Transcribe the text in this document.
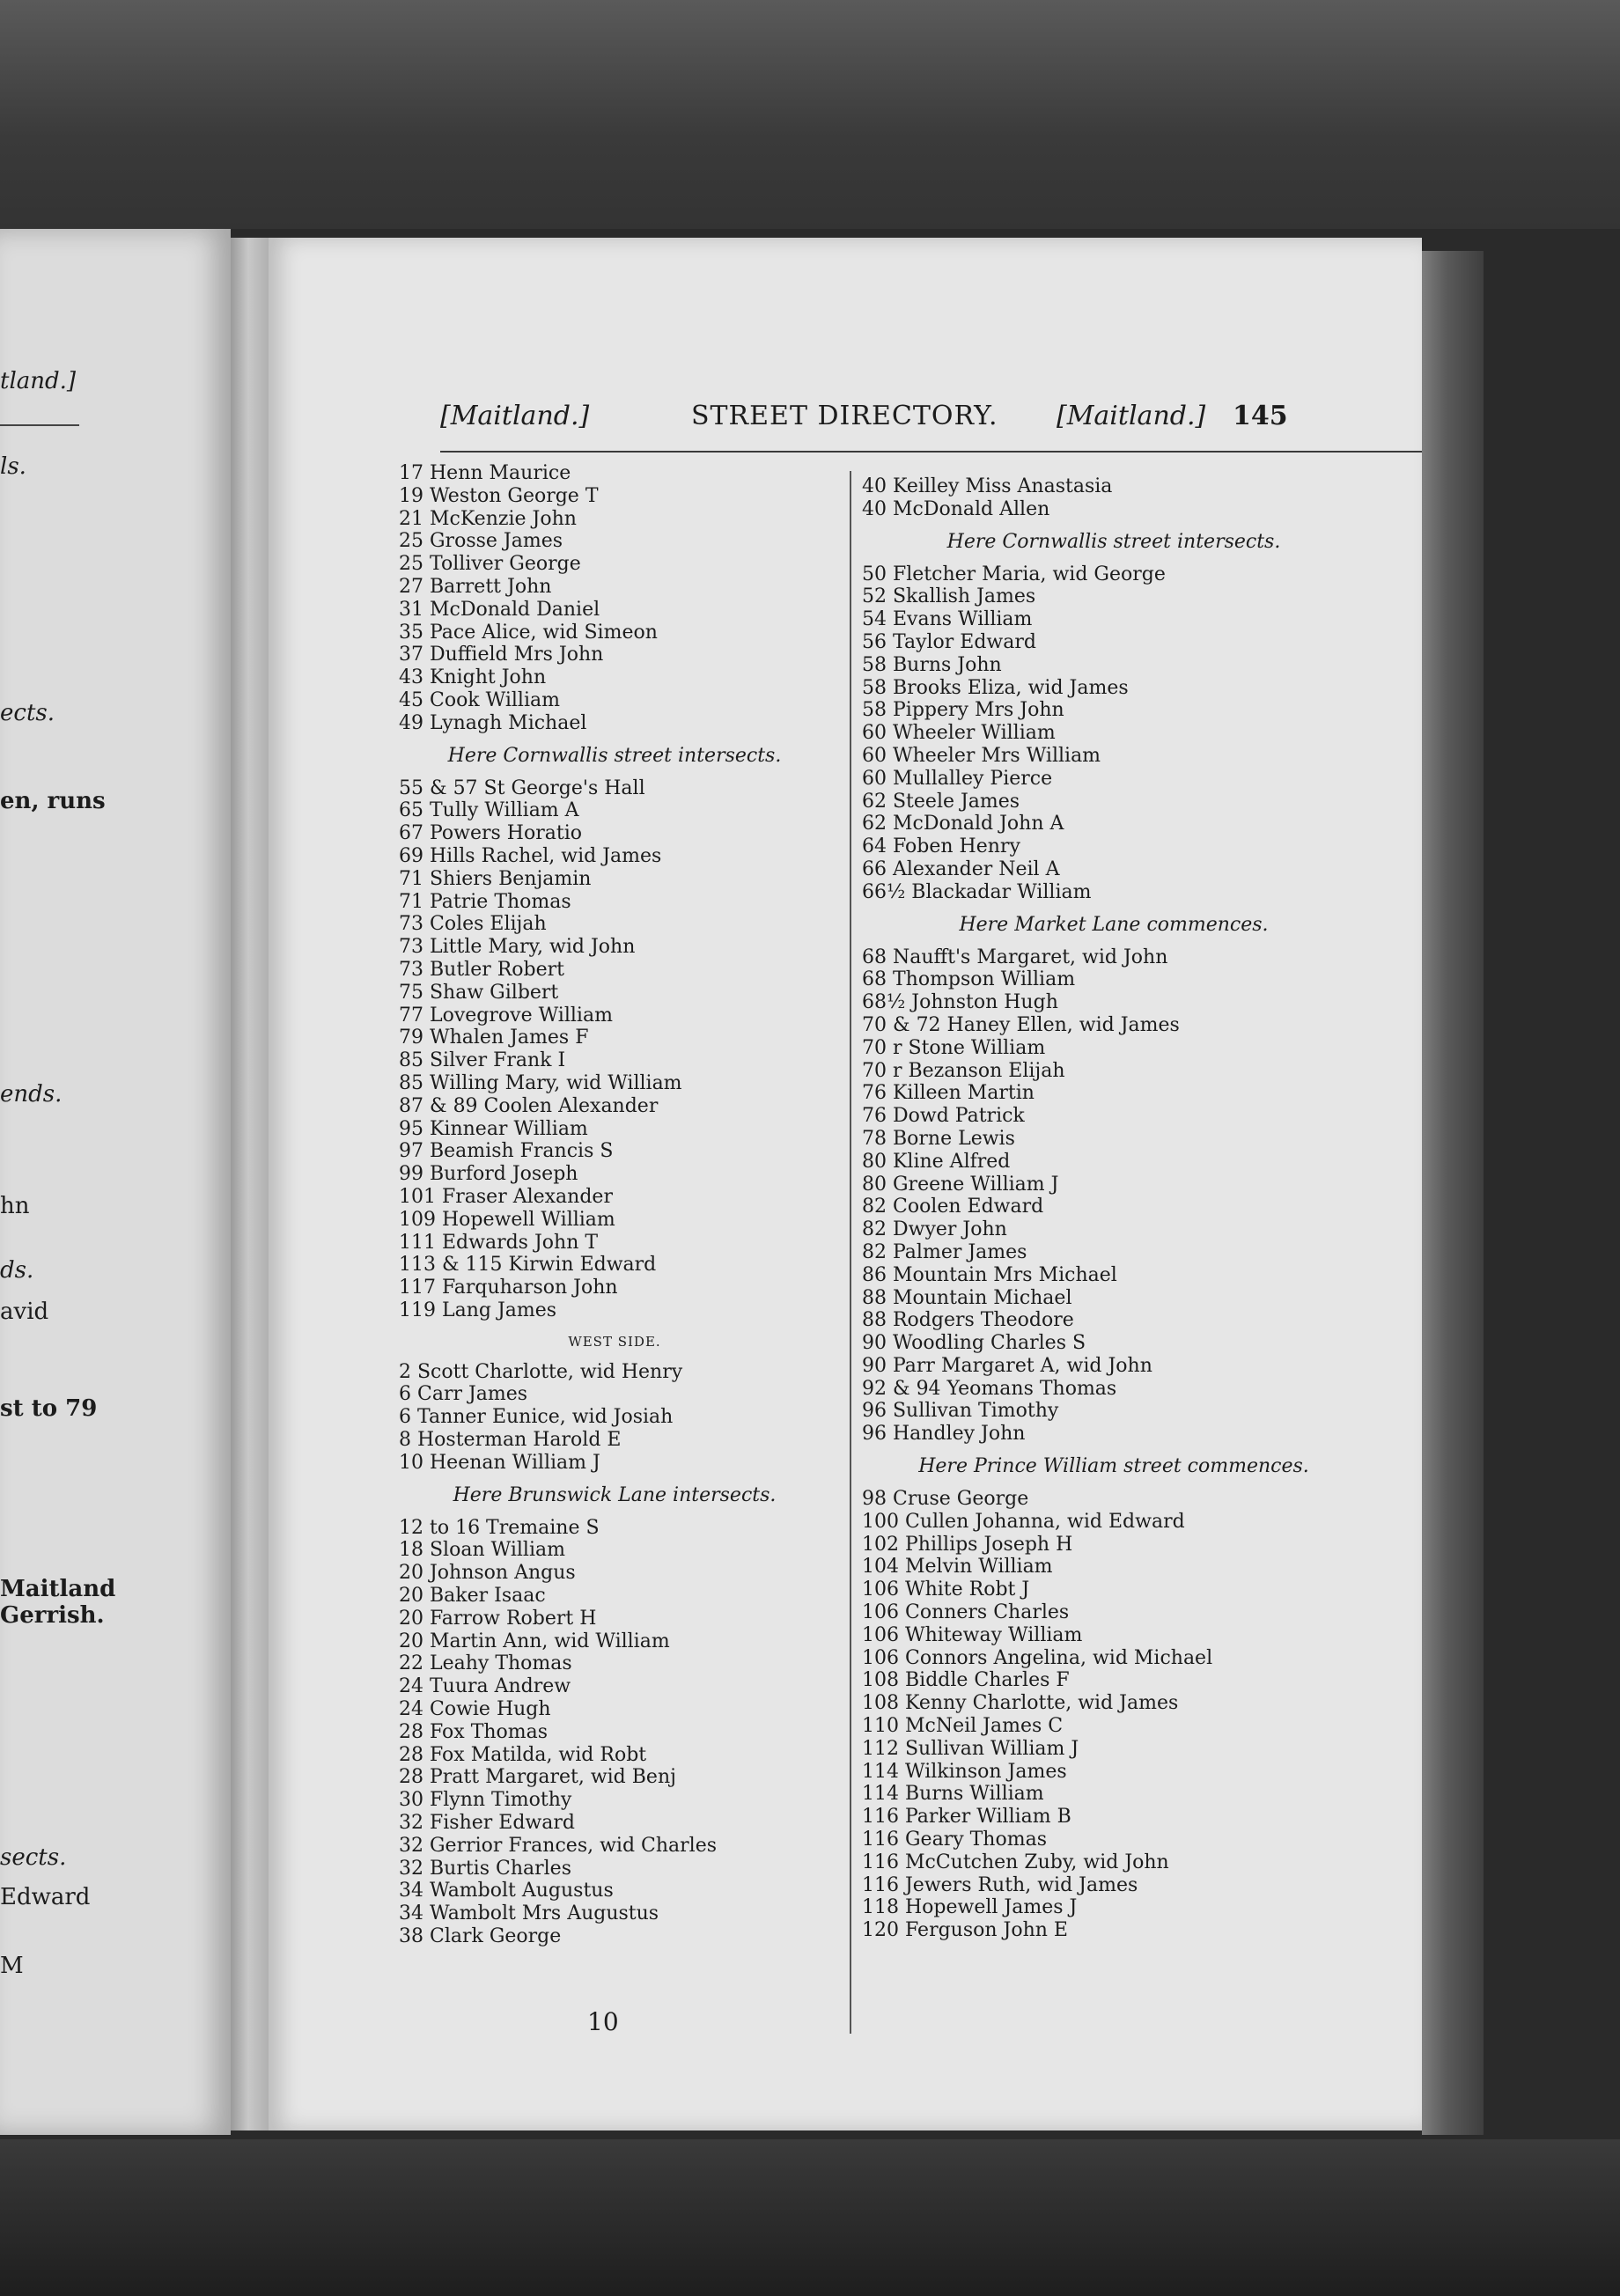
tland.]
ls.
ects.
en, runs
ends.
hn
ds.
avid
st to 79
Maitland
Gerrish.
sects.
Edward
M
[Maitland.]	STREET DIRECTORY. [Maitland.] 145
17 Henn Maurice
19 Weston George T
21 McKenzie John
25 Grosse James
25 Tolliver George
27 Barrett John
31 McDonald Daniel
35 Pace Alice, wid Simeon
37 Duffield Mrs John
43 Knight John
45 Cook William
49 Lynagh Michael
Here Cornwallis street intersects.
55 & 57 St George's Hall
65 Tully William A
67 Powers Horatio
69 Hills Rachel, wid James
71 Shiers Benjamin
71 Patrie Thomas
73 Coles Elijah
73 Little Mary, wid John
73 Butler Robert
75 Shaw Gilbert
77 Lovegrove William
79 Whalen James F
85 Silver Frank I
85 Willing Mary, wid William
87 & 89 Coolen Alexander
95 Kinnear William
97 Beamish Francis S
99 Burford Joseph
101 Fraser Alexander
109 Hopewell William
111 Edwards John T
113 & 115 Kirwin Edward
117 Farquharson John
119 Lang James
WEST SIDE.
2 Scott Charlotte, wid Henry
6 Carr James
6 Tanner Eunice, wid Josiah
8 Hosterman Harold E
10 Heenan William J
Here Brunswick Lane intersects.
12 to 16 Tremaine S
18 Sloan William
20 Johnson Angus
20 Baker Isaac
20 Farrow Robert H
20 Martin Ann, wid William
22 Leahy Thomas
24 Tuura Andrew
24 Cowie Hugh
28 Fox Thomas
28 Fox Matilda, wid Robt
28 Pratt Margaret, wid Benj
30 Flynn Timothy
32 Fisher Edward
32 Gerrior Frances, wid Charles
32 Burtis Charles
34 Wambolt Augustus
34 Wambolt Mrs Augustus
38 Clark George
40 Keilley Miss Anastasia
40 McDonald Allen
Here Cornwallis street intersects.
50 Fletcher Maria, wid George
52 Skallish James
54 Evans William
56 Taylor Edward
58 Burns John
58 Brooks Eliza, wid James
58 Pippery Mrs John
60 Wheeler William
60 Wheeler Mrs William
60 Mullalley Pierce
62 Steele James
62 McDonald John A
64 Foben Henry
66 Alexander Neil A
66½ Blackadar William
Here Market Lane commences.
68 Naufft's Margaret, wid John
68 Thompson William
68½ Johnston Hugh
70 & 72 Haney Ellen, wid James
70 r Stone William
70 r Bezanson Elijah
76 Killeen Martin
76 Dowd Patrick
78 Borne Lewis
80 Kline Alfred
80 Greene William J
82 Coolen Edward
82 Dwyer John
82 Palmer James
86 Mountain Mrs Michael
88 Mountain Michael
88 Rodgers Theodore
90 Woodling Charles S
90 Parr Margaret A, wid John
92 & 94 Yeomans Thomas
96 Sullivan Timothy
96 Handley John
Here Prince William street commences.
98 Cruse George
100 Cullen Johanna, wid Edward
102 Phillips Joseph H
104 Melvin William
106 White Robt J
106 Conners Charles
106 Whiteway William
106 Connors Angelina, wid Michael
108 Biddle Charles F
108 Kenny Charlotte, wid James
110 McNeil James C
112 Sullivan William J
114 Wilkinson James
114 Burns William
116 Parker William B
116 Geary Thomas
116 McCutchen Zuby, wid John
116 Jewers Ruth, wid James
118 Hopewell James J
120 Ferguson John E
10
